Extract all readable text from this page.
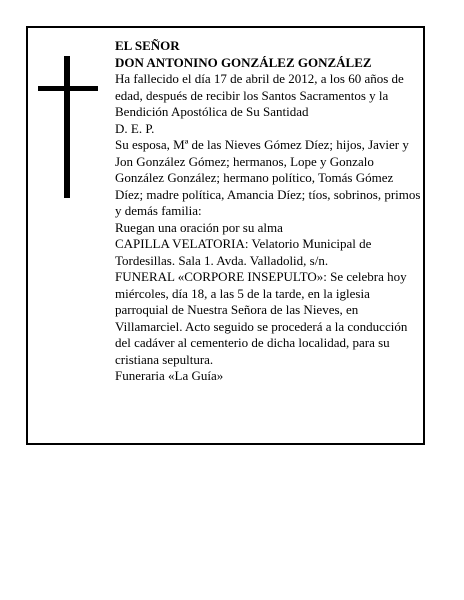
EL SEÑOR

DON ANTONINO GONZÁLEZ GONZÁLEZ

Ha fallecido el día 17 de abril de 2012, a los 60 años de edad, después de recibir los Santos Sacramentos y la Bendición Apostólica de Su Santidad

D. E. P.

Su esposa, Mª de las Nieves Gómez Díez; hijos, Javier y Jon González Gómez; hermanos, Lope y Gonzalo González González; hermano político, Tomás Gómez Díez; madre política, Amancia Díez; tíos, sobrinos, primos y demás familia:

Ruegan una oración por su alma

CAPILLA VELATORIA: Velatorio Municipal de Tordesillas. Sala 1. Avda. Valladolid, s/n.

FUNERAL «CORPORE INSEPULTO»: Se celebra hoy miércoles, día 18, a las 5 de la tarde, en la iglesia parroquial de Nuestra Señora de las Nieves, en Villamarciel. Acto seguido se procederá a la conducción del cadáver al cementerio de dicha localidad, para su cristiana sepultura.

Funeraria «La Guía»
